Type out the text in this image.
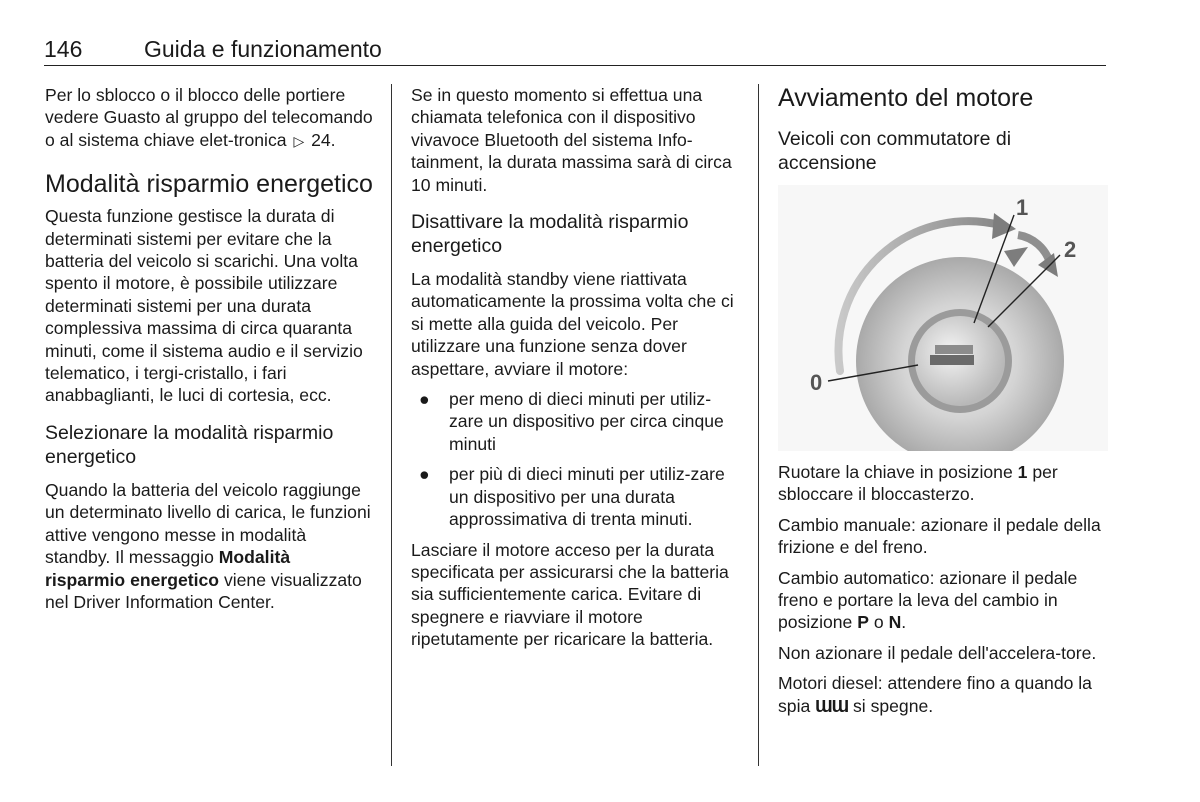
146	Guida e funzionamento

Per lo sblocco o il blocco delle portiere vedere Guasto al gruppo del telecomando o al sistema chiave elet-tronica ▷ 24.

Modalità risparmio energetico

Questa funzione gestisce la durata di determinati sistemi per evitare che la batteria del veicolo si scarichi. Una volta spento il motore, è possibile utilizzare determinati sistemi per una durata complessiva massima di circa quaranta minuti, come il sistema audio e il servizio telematico, i tergi-cristallo, i fari anabbaglianti, le luci di cortesia, ecc.

Selezionare la modalità risparmio energetico

Quando la batteria del veicolo raggiunge un determinato livello di carica, le funzioni attive vengono messe in modalità standby. Il messaggio Modalità risparmio energetico viene visualizzato nel Driver Information Center.

Se in questo momento si effettua una chiamata telefonica con il dispositivo vivavoce Bluetooth del sistema Info-tainment, la durata massima sarà di circa 10 minuti.

Disattivare la modalità risparmio energetico

La modalità standby viene riattivata automaticamente la prossima volta che ci si mette alla guida del veicolo. Per utilizzare una funzione senza dover aspettare, avviare il motore:

● per meno di dieci minuti per utiliz-zare un dispositivo per circa cinque minuti
● per più di dieci minuti per utiliz-zare un dispositivo per una durata approssimativa di trenta minuti.

Lasciare il motore acceso per la durata specificata per assicurarsi che la batteria sia sufficientemente carica. Evitare di spegnere e riavviare il motore ripetutamente per ricaricare la batteria.

Avviamento del motore
Veicoli con commutatore di accensione
0
1
2

Ruotare la chiave in posizione 1 per sbloccare il bloccasterzo.

Cambio manuale: azionare il pedale della frizione e del freno.

Cambio automatico: azionare il pedale freno e portare la leva del cambio in posizione P o N.

Non azionare il pedale dell'accelera-tore.

Motori diesel: attendere fino a quando la spia ƜƜ si spegne.
